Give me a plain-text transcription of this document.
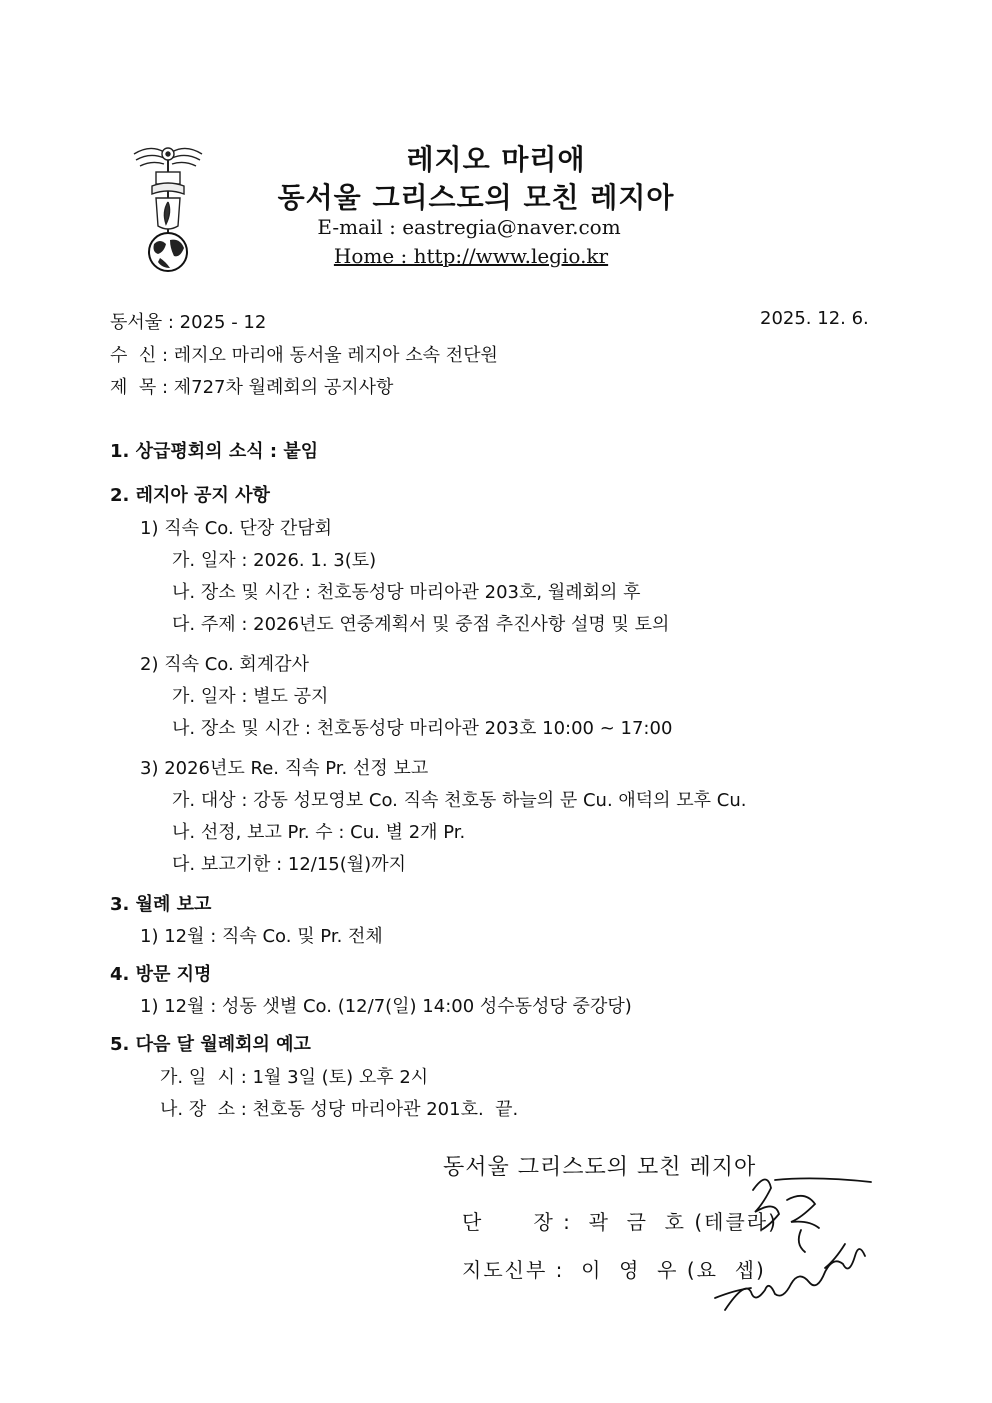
레지오 마리애
동서울 그리스도의 모친 레지아
E-mail : eastregia@naver.com
Home : http://www.legio.kr
동서울 : 2025 - 12	2025. 12. 6.
수  신 : 레지오 마리애 동서울 레지아 소속 전단원
제  목 : 제727차 월례회의 공지사항
1. 상급평회의 소식 : 붙임
2. 레지아 공지 사항
1) 직속 Co. 단장 간담회
가. 일자 : 2026. 1. 3(토)
나. 장소 및 시간 : 천호동성당 마리아관 203호, 월례회의 후
다. 주제 : 2026년도 연중계획서 및 중점 추진사항 설명 및 토의
2) 직속 Co. 회계감사
가. 일자 : 별도 공지
나. 장소 및 시간 : 천호동성당 마리아관 203호 10:00 ~ 17:00
3) 2026년도 Re. 직속 Pr. 선정 보고
가. 대상 : 강동 성모영보 Co. 직속 천호동 하늘의 문 Cu. 애덕의 모후 Cu.
나. 선정, 보고 Pr. 수 : Cu. 별 2개 Pr.
다. 보고기한 : 12/15(월)까지
3. 월례 보고
1) 12월 : 직속 Co. 및 Pr. 전체
4. 방문 지명
1) 12월 : 성동 샛별 Co. (12/7(일) 14:00 성수동성당 중강당)
5. 다음 달 월례회의 예고
가. 일  시 : 1월 3일 (토) 오후 2시
나. 장  소 : 천호동 성당 마리아관 201호.  끝.
동서울 그리스도의 모친 레지아
단      장 :  곽  금  호 (테클라)
지도신부 :  이  영  우 (요  셉)
